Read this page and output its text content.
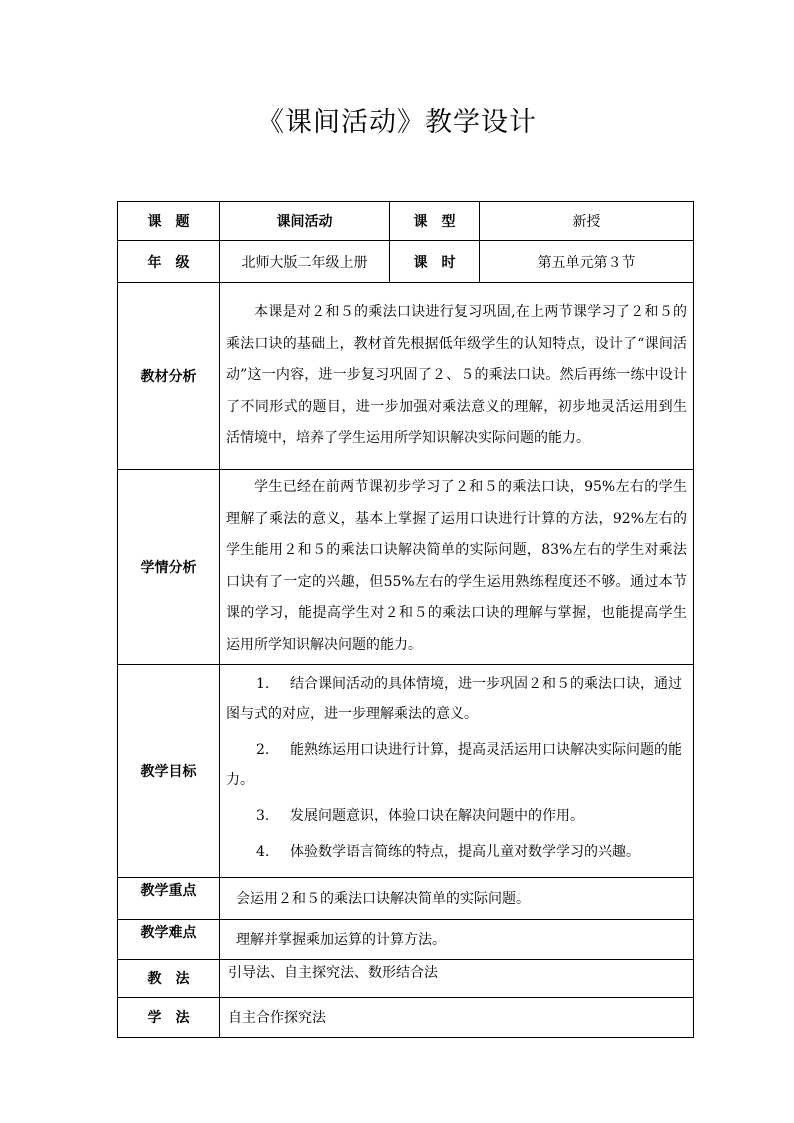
《课间活动》教学设计
课　题	课间活动	课　型	新授
年　级	北师大版二年级上册	课　时	第五单元第３节
教材分析	本课是对２和５的乘法口诀进行复习巩固,在上两节课学习了２和５的乘法口诀的基础上，教材首先根据低年级学生的认知特点，设计了“课间活动”这一内容，进一步复习巩固了２、５的乘法口诀。然后再练一练中设计了不同形式的题目，进一步加强对乘法意义的理解，初步地灵活运用到生活情境中，培养了学生运用所学知识解决实际问题的能力。		
学情分析	学生已经在前两节课初步学习了２和５的乘法口诀，95%左右的学生理解了乘法的意义，基本上掌握了运用口诀进行计算的方法，92%左右的学生能用２和５的乘法口诀解决简单的实际问题，83%左右的学生对乘法口诀有了一定的兴趣，但55%左右的学生运用熟练程度还不够。通过本节课的学习，能提高学生对２和５的乘法口诀的理解与掌握，也能提高学生运用所学知识解决问题的能力。		
教学目标	1. 结合课间活动的具体情境，进一步巩固２和５的乘法口诀，通过图与式的对应，进一步理解乘法的意义。
2. 能熟练运用口诀进行计算，提高灵活运用口诀解决实际问题的能力。
3. 发展问题意识，体验口诀在解决问题中的作用。
4. 体验数学语言简练的特点，提高儿童对数学学习的兴趣。		

教学重点	会运用２和５的乘法口诀解决简单的实际问题。		
教学难点	理解并掌握乘加运算的计算方法。		
教　法	引导法、自主探究法、数形结合法		
学　法	自主合作探究法		
